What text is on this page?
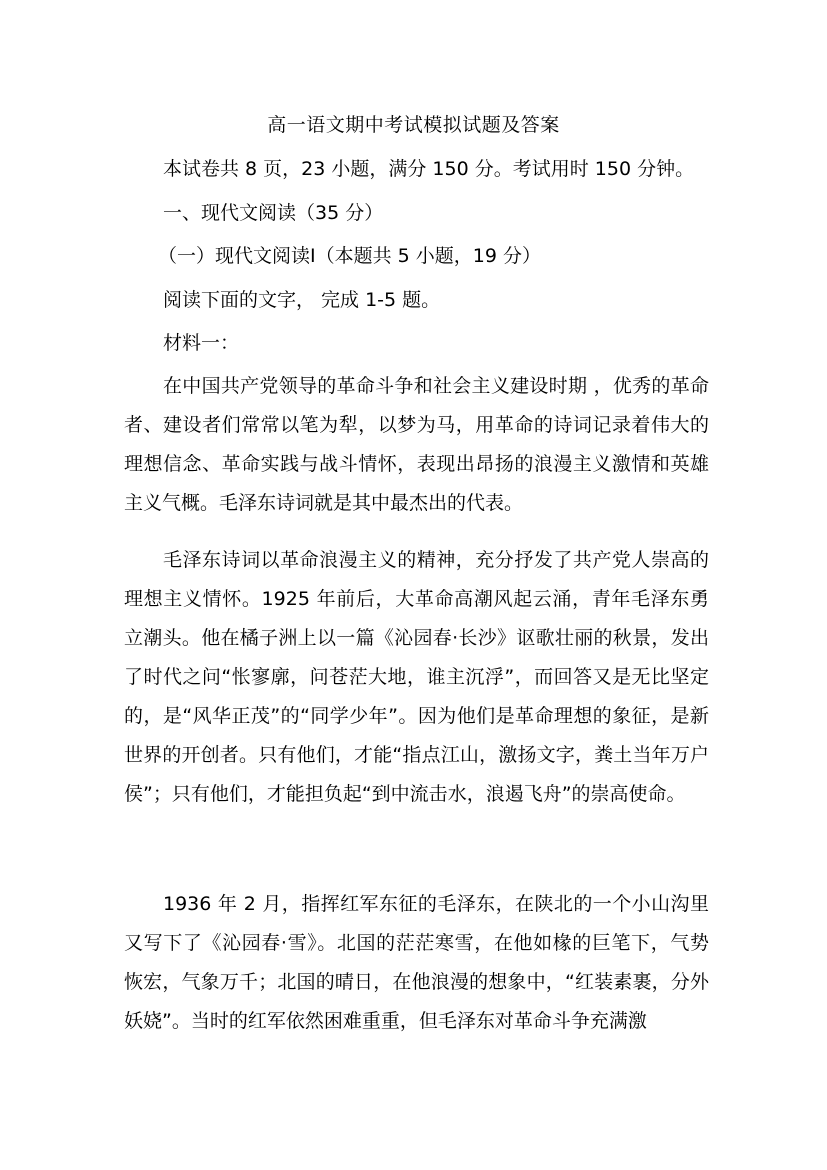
高一语文期中考试模拟试题及答案
本试卷共 8 页，23 小题，满分 150 分。考试用时 150 分钟。
一、现代文阅读（35 分）
（一）现代文阅读Ⅰ（本题共 5 小题，19 分）
阅读下面的文字， 完成 1-5 题。
材料一：

在中国共产党领导的革命斗争和社会主义建设时期 ，优秀的革命者、建设者们常常以笔为犁，以梦为马，用革命的诗词记录着伟大的理想信念、革命实践与战斗情怀，表现出昂扬的浪漫主义激情和英雄主义气概。毛泽东诗词就是其中最杰出的代表。

毛泽东诗词以革命浪漫主义的精神，充分抒发了共产党人崇高的理想主义情怀。1925 年前后，大革命高潮风起云涌，青年毛泽东勇立潮头。他在橘子洲上以一篇《沁园春·长沙》讴歌壮丽的秋景，发出了时代之问“怅寥廓，问苍茫大地，谁主沉浮”，而回答又是无比坚定的，是“风华正茂”的“同学少年”。因为他们是革命理想的象征，是新世界的开创者。只有他们，才能“指点江山，激扬文字，粪土当年万户侯”；只有他们，才能担负起“到中流击水，浪遏飞舟”的崇高使命。

1936 年 2 月，指挥红军东征的毛泽东，在陕北的一个小山沟里又写下了《沁园春·雪》。北国的茫茫寒雪，在他如椽的巨笔下，气势恢宏，气象万千；北国的晴日，在他浪漫的想象中，“红装素裹，分外妖娆”。当时的红军依然困难重重，但毛泽东对革命斗争充满激
